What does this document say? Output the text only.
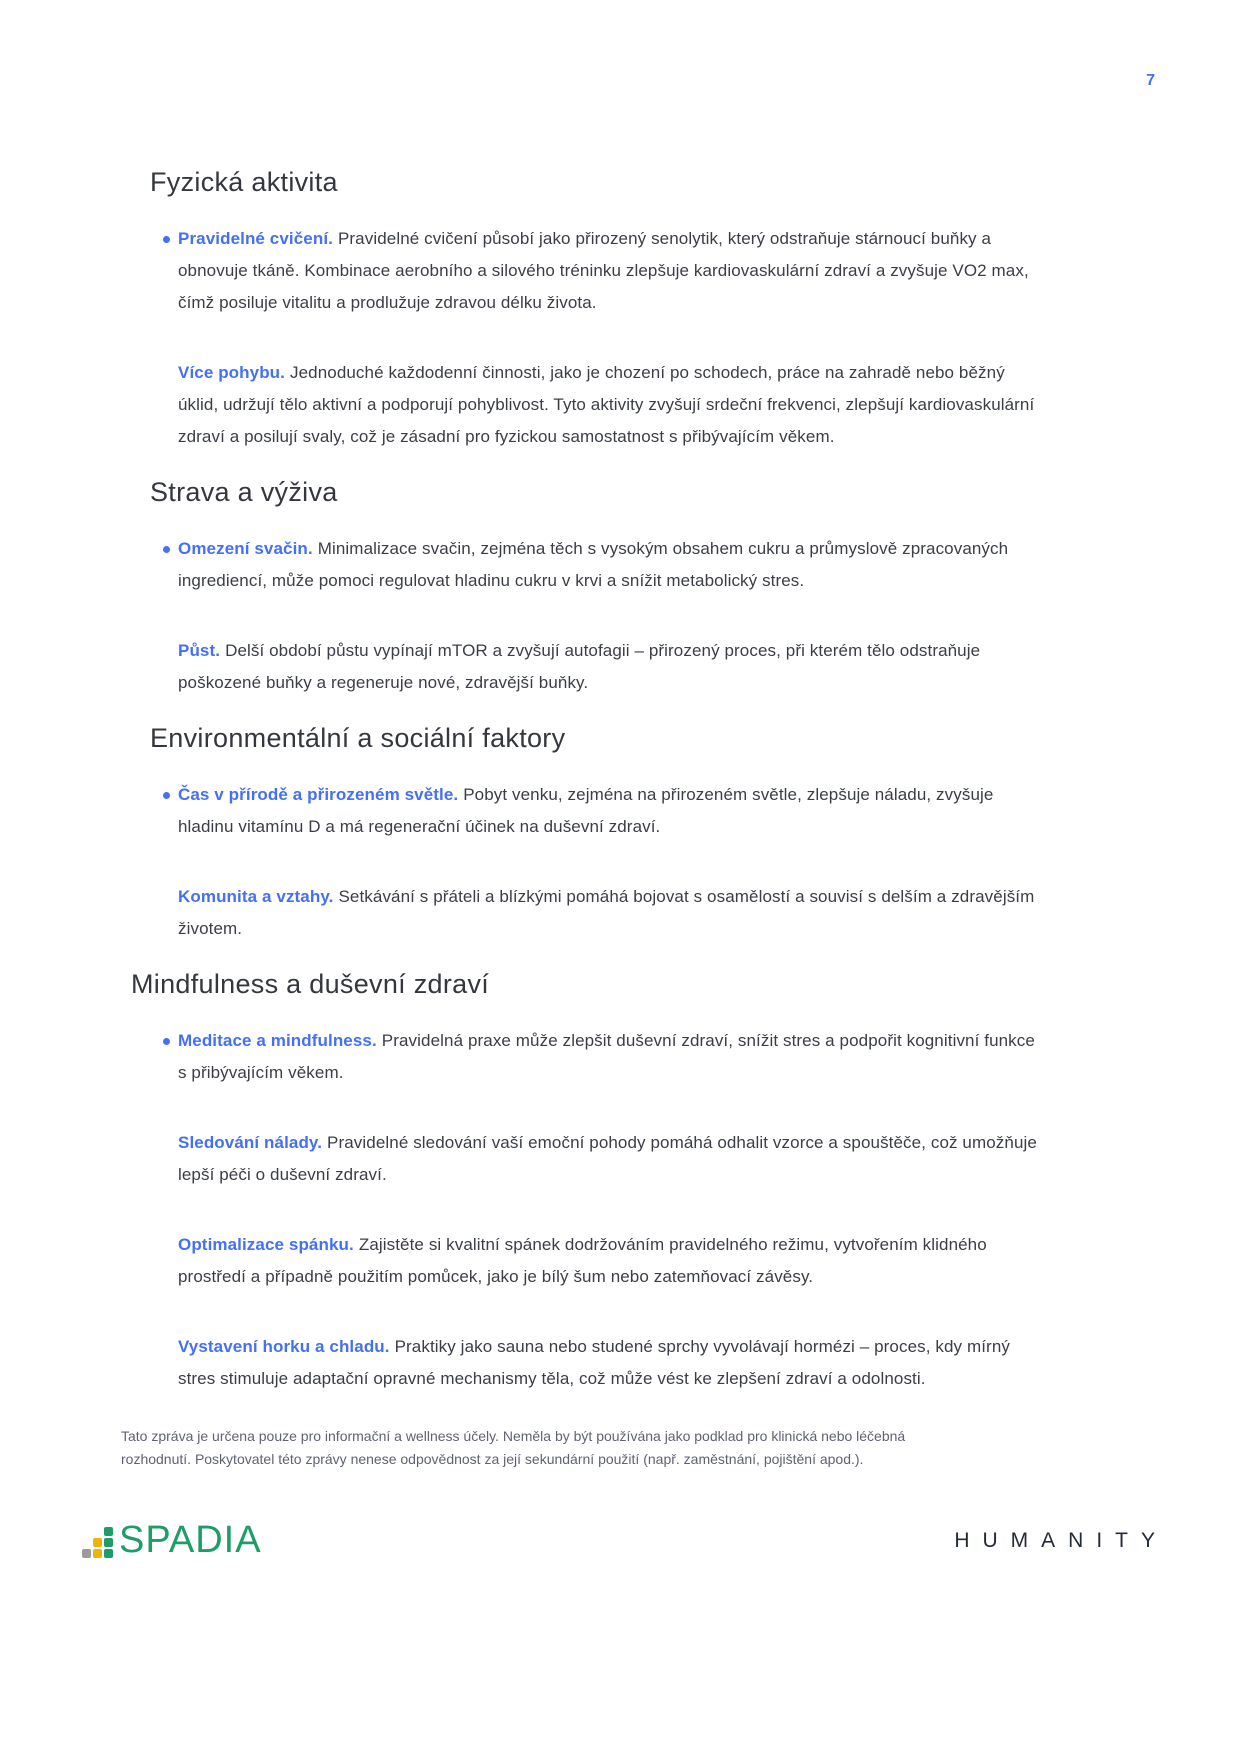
7
Fyzická aktivita
Pravidelné cvičení. Pravidelné cvičení působí jako přirozený senolytik, který odstraňuje stárnoucí buňky a obnovuje tkáně. Kombinace aerobního a silového tréninku zlepšuje kardiovaskulární zdraví a zvyšuje VO2 max, čímž posiluje vitalitu a prodlužuje zdravou délku života.
Více pohybu. Jednoduché každodenní činnosti, jako je chození po schodech, práce na zahradě nebo běžný úklid, udržují tělo aktivní a podporují pohyblivost. Tyto aktivity zvyšují srdeční frekvenci, zlepšují kardiovaskulární zdraví a posilují svaly, což je zásadní pro fyzickou samostatnost s přibývajícím věkem.
Strava a výživa
Omezení svačin. Minimalizace svačin, zejména těch s vysokým obsahem cukru a průmyslově zpracovaných ingrediencí, může pomoci regulovat hladinu cukru v krvi a snížit metabolický stres.
Půst. Delší období půstu vypínají mTOR a zvyšují autofagii – přirozený proces, při kterém tělo odstraňuje poškozené buňky a regeneruje nové, zdravější buňky.
Environmentální a sociální faktory
Čas v přírodě a přirozeném světle. Pobyt venku, zejména na přirozeném světle, zlepšuje náladu, zvyšuje hladinu vitamínu D a má regenerační účinek na duševní zdraví.
Komunita a vztahy. Setkávání s přáteli a blízkými pomáhá bojovat s osamělostí a souvisí s delším a zdravějším životem.
Mindfulness a duševní zdraví
Meditace a mindfulness. Pravidelná praxe může zlepšit duševní zdraví, snížit stres a podpořit kognitivní funkce s přibývajícím věkem.
Sledování nálady. Pravidelné sledování vaší emoční pohody pomáhá odhalit vzorce a spouštěče, což umožňuje lepší péči o duševní zdraví.
Optimalizace spánku. Zajistěte si kvalitní spánek dodržováním pravidelného režimu, vytvořením klidného prostředí a případně použitím pomůcek, jako je bílý šum nebo zatemňovací závěsy.
Vystavení horku a chladu. Praktiky jako sauna nebo studené sprchy vyvolávají hormézi – proces, kdy mírný stres stimuluje adaptační opravné mechanismy těla, což může vést ke zlepšení zdraví a odolnosti.
Tato zpráva je určena pouze pro informační a wellness účely. Neměla by být používána jako podklad pro klinická nebo léčebná rozhodnutí. Poskytovatel této zprávy nenese odpovědnost za její sekundární použití (např. zaměstnání, pojištění apod.).
SPADIA	HUMANITY
